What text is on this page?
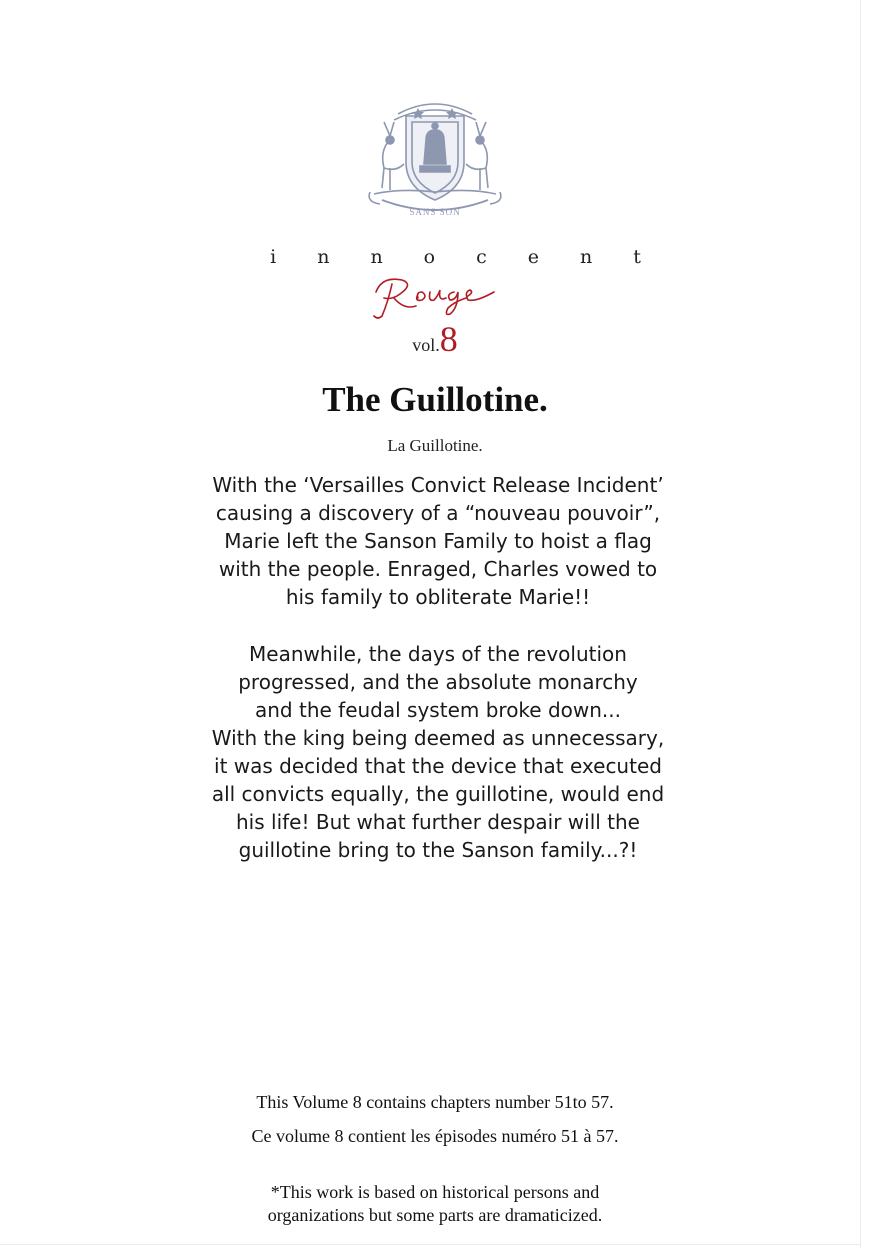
SANS SON
innocent
vol.8
The Guillotine.
La Guillotine.

With the ‘Versailles Convict Release Incident’
causing a discovery of a “nouveau pouvoir”,
Marie left the Sanson Family to hoist a flag
with the people. Enraged, Charles vowed to
his family to obliterate Marie!!

Meanwhile, the days of the revolution
progressed, and the absolute monarchy
and the feudal system broke down...
With the king being deemed as unnecessary,
it was decided that the device that executed
all convicts equally, the guillotine, would end
his life! But what further despair will the
guillotine bring to the Sanson family...?!

This Volume 8 contains chapters number 51to 57.
Ce volume 8 contient les épisodes numéro 51 à 57.
*This work is based on historical persons and
organizations but some parts are dramaticized.
